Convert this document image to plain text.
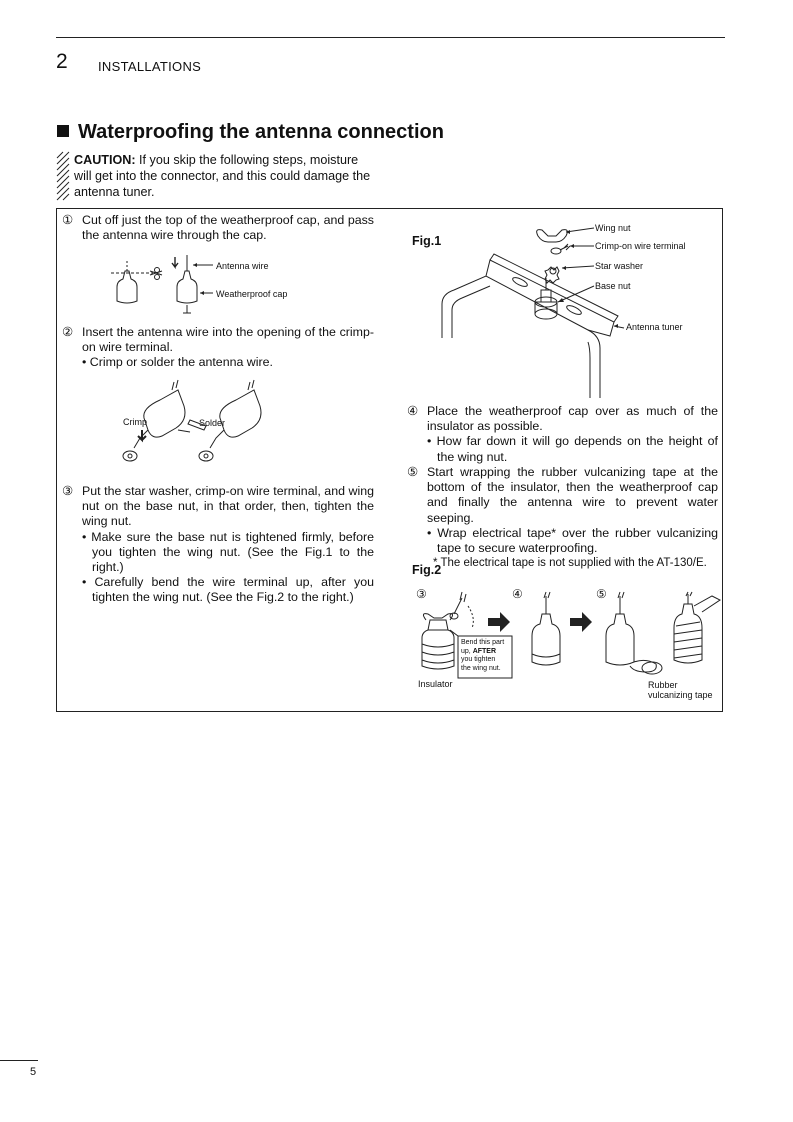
2 INSTALLATIONS
Waterproofing the antenna connection
CAUTION: If you skip the following steps, moisture will get into the connector, and this could damage the antenna tuner.
① Cut off just the top of the weatherproof cap, and pass the antenna wire through the cap.
Antenna wire
Weatherproof cap
② Insert the antenna wire into the opening of the crimp-on wire terminal.
• Crimp or solder the antenna wire.
Crimp	Solder
③ Put the star washer, crimp-on wire terminal, and wing nut on the base nut, in that order, then, tighten the wing nut.
• Make sure the base nut is tightened firmly, before you tighten the wing nut. (See the Fig.1 to the right.)
• Carefully bend the wire terminal up, after you tighten the wing nut. (See the Fig.2 to the right.)
Fig.1
Wing nut
Crimp-on wire terminal
Star washer
Base nut
Antenna tuner
④ Place the weatherproof cap over as much of the insulator as possible.
• How far down it will go depends on the height of the wing nut.
⑤ Start wrapping the rubber vulcanizing tape at the bottom of the insulator, then the weatherproof cap and finally the antenna wire to prevent water seeping.
• Wrap electrical tape* over the rubber vulcanizing tape to secure waterproofing.
* The electrical tape is not supplied with the AT-130/E.
Fig.2
③	④	⑤
Bend this part
up, AFTER
you tighten
the wing nut.
Insulator	Rubber
vulcanizing tape
5
